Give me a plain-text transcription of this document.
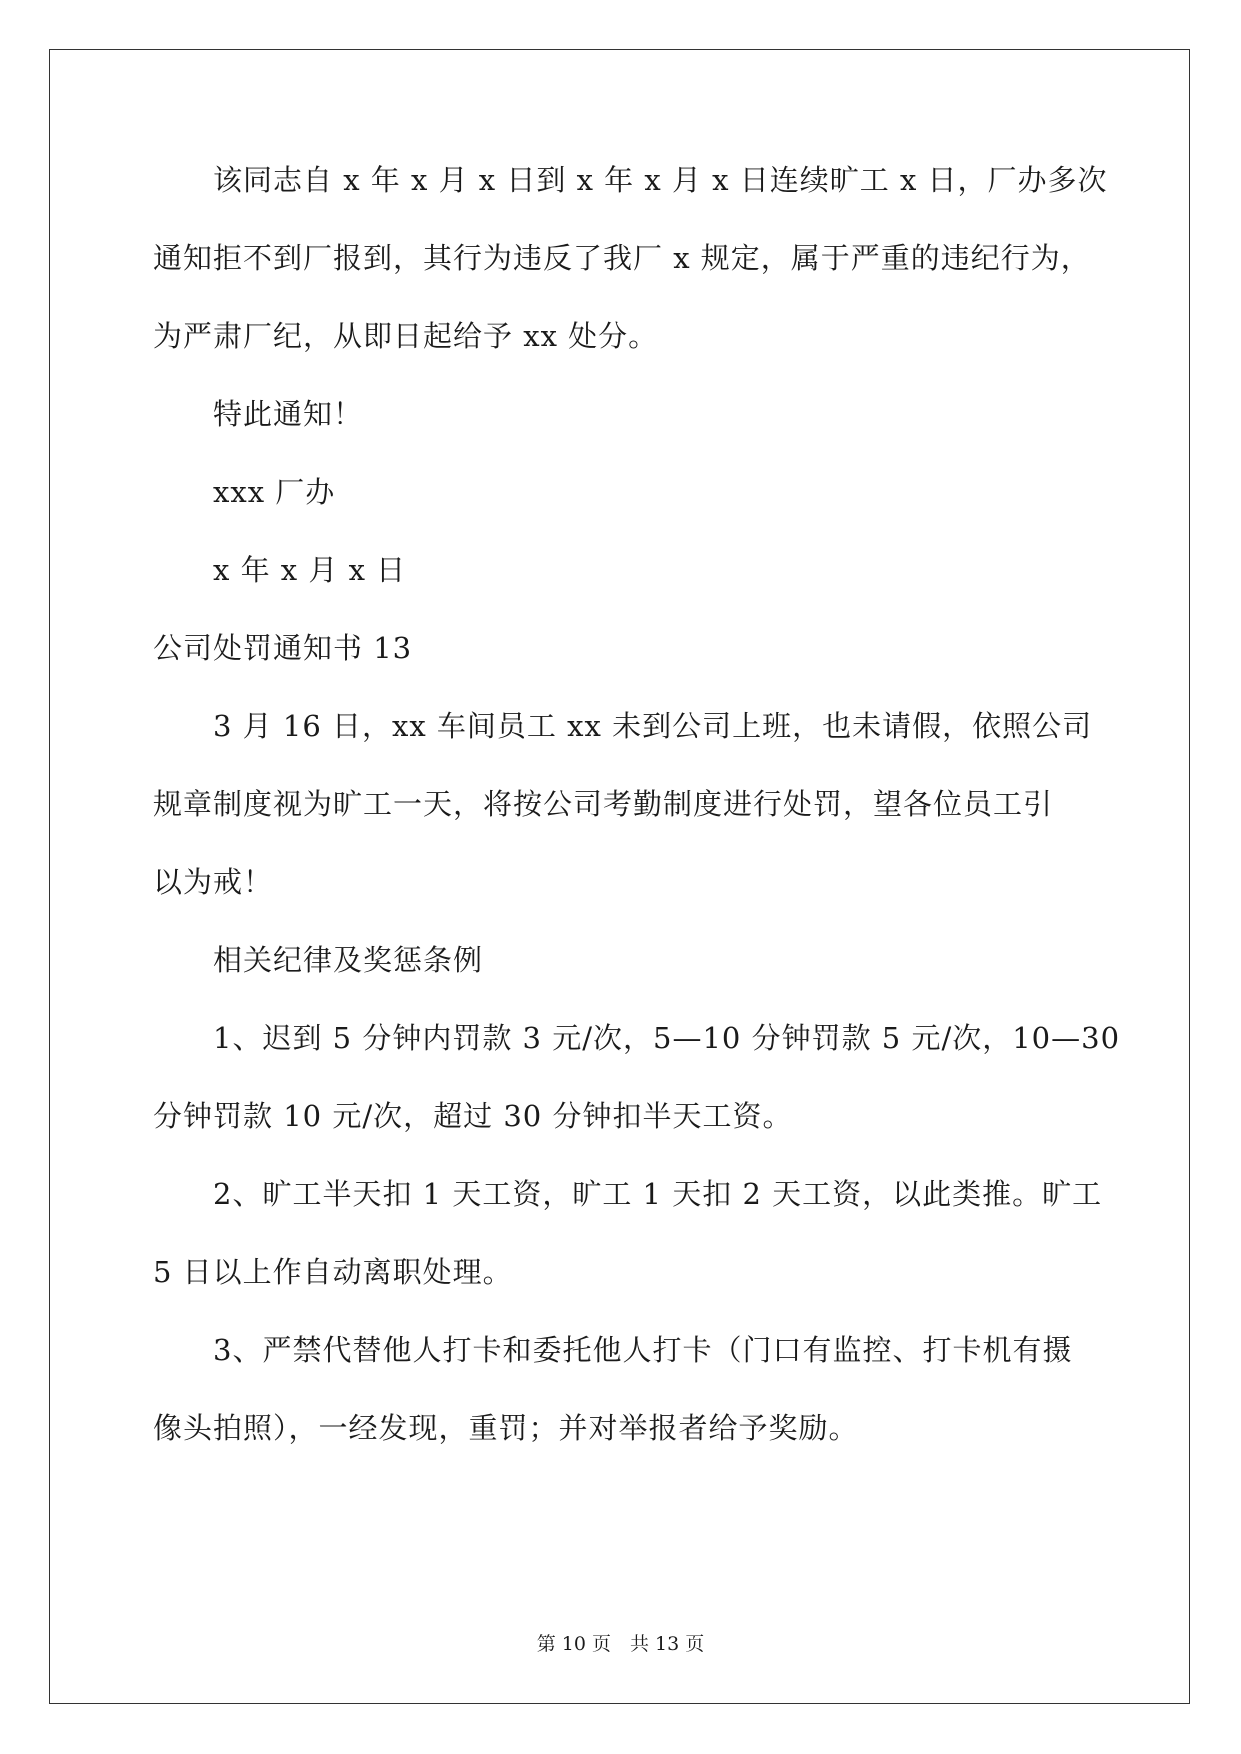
该同志自 x 年 x 月 x 日到 x 年 x 月 x 日连续旷工 x 日，厂办多次
通知拒不到厂报到，其行为违反了我厂 x 规定，属于严重的违纪行为，
为严肃厂纪，从即日起给予 xx 处分。
特此通知！
xxx 厂办
x 年 x 月 x 日
公司处罚通知书 13
3 月 16 日，xx 车间员工 xx 未到公司上班，也未请假，依照公司
规章制度视为旷工一天，将按公司考勤制度进行处罚，望各位员工引
以为戒！
相关纪律及奖惩条例
1、迟到 5 分钟内罚款 3 元/次，5—10 分钟罚款 5 元/次，10—30
分钟罚款 10 元/次，超过 30 分钟扣半天工资。
2、旷工半天扣 1 天工资，旷工 1 天扣 2 天工资，以此类推。旷工
5 日以上作自动离职处理。
3、严禁代替他人打卡和委托他人打卡（门口有监控、打卡机有摄
像头拍照），一经发现，重罚；并对举报者给予奖励。
第 10 页　共 13 页
